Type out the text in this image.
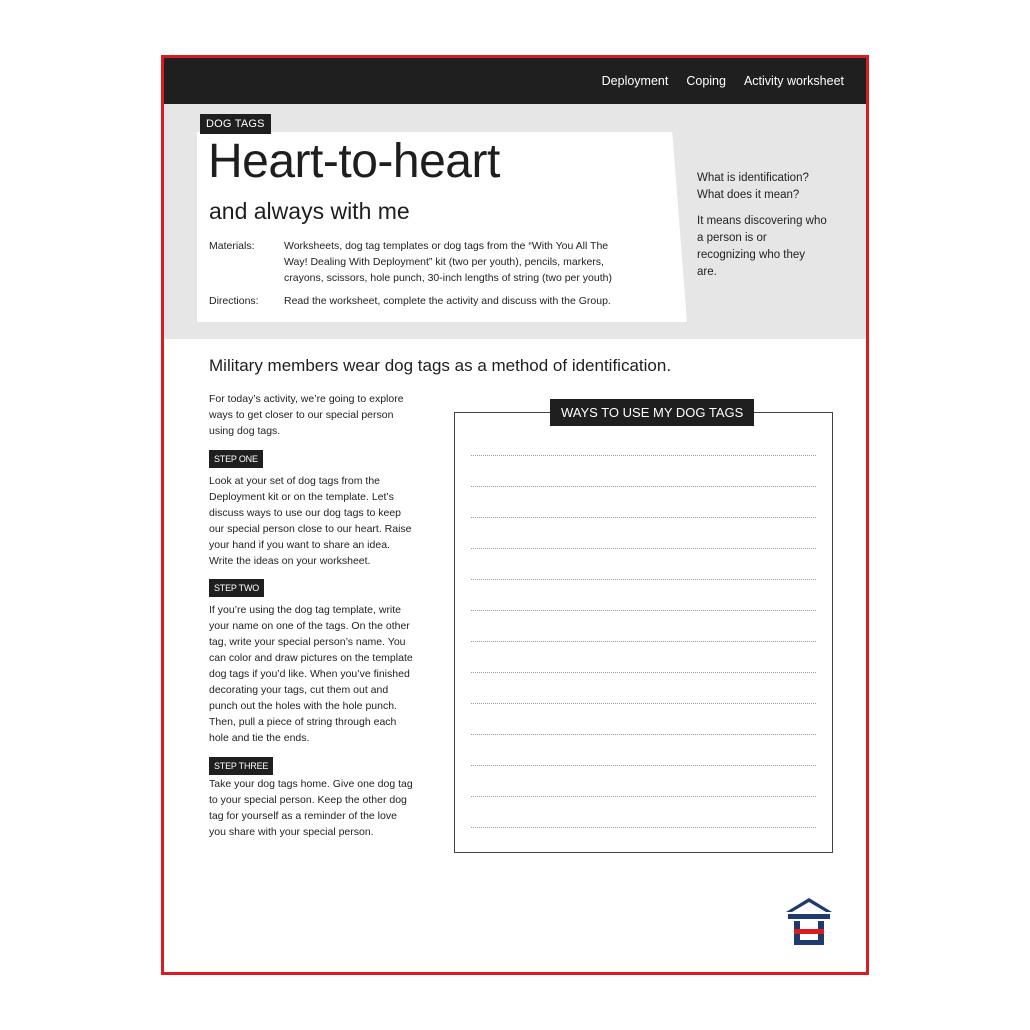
Deployment Coping Activity worksheet
DOG TAGS
Heart-to-heart
and always with me
Materials:	Worksheets, dog tag templates or dog tags from the “With You All The Way! Dealing With Deployment” kit (two per youth), pencils, markers, crayons, scissors, hole punch, 30-inch lengths of string (two per youth)
Directions:	Read the worksheet, complete the activity and discuss with the Group.

What is identification? What does it mean?

It means discovering who a person is or recognizing who they are.

Military members wear dog tags as a method of identification.
For today’s activity, we’re going to explore ways to get closer to our special person using dog tags.
STEP ONE
Look at your set of dog tags from the Deployment kit or on the template. Let’s discuss ways to use our dog tags to keep our special person close to our heart. Raise your hand if you want to share an idea. Write the ideas on your worksheet.
STEP TWO
If you’re using the dog tag template, write your name on one of the tags. On the other tag, write your special person’s name. You can color and draw pictures on the template dog tags if you’d like. When you’ve finished decorating your tags, cut them out and punch out the holes with the hole punch. Then, pull a piece of string through each hole and tie the ends.
STEP THREE
Take your dog tags home. Give one dog tag to your special person. Keep the other dog tag for yourself as a reminder of the love you share with your special person.
WAYS TO USE MY DOG TAGS
